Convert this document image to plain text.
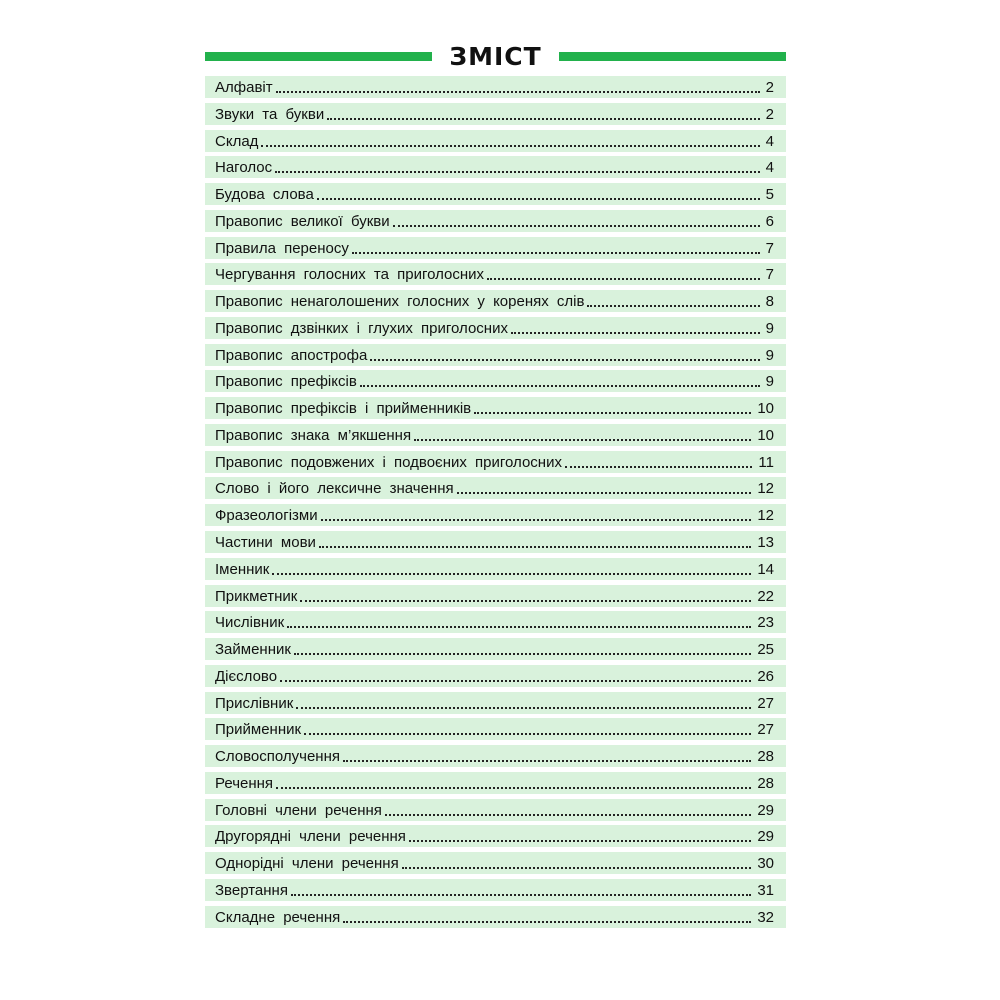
ЗМІСТ
Алфавіт	2
Звуки та букви	2
Склад	4
Наголос	4
Будова слова	5
Правопис великої букви	6
Правила переносу	7
Чергування голосних та приголосних	7
Правопис ненаголошених голосних у коренях слів	8
Правопис дзвінких і глухих приголосних	9
Правопис апострофа	9
Правопис префіксів	9
Правопис префіксів і прийменників	10
Правопис знака м’якшення	10
Правопис подовжених і подвоєних приголосних	11
Слово і його лексичне значення	12
Фразеологізми	12
Частини мови	13
Іменник	14
Прикметник	22
Числівник	23
Займенник	25
Дієслово	26
Прислівник	27
Прийменник	27
Словосполучення	28
Речення	28
Головні члени речення	29
Другорядні члени речення	29
Однорідні члени речення	30
Звертання	31
Складне речення	32
